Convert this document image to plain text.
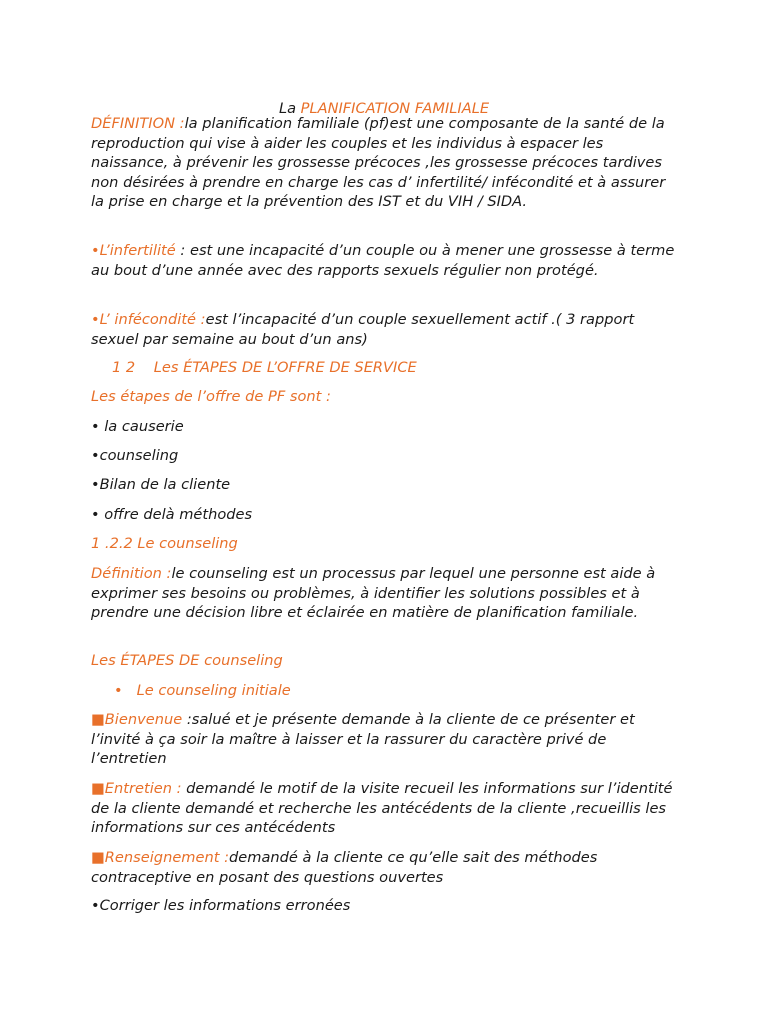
La PLANIFICATION FAMILIALE

DÉFINITION :la planification familiale (pf)est une composante de la santé de la reproduction qui vise à aider les couples et les individus à espacer les naissance, à prévenir les grossesse précoces ,les grossesse précoces tardives non désirées à prendre en charge les cas d’ infertilité/ infécondité et à assurer la prise en charge et la prévention des IST et du VIH / SIDA.

•L’infertilité : est une incapacité d’un couple ou à mener une grossesse à terme au bout d’une année avec des rapports sexuels régulier non protégé.

•L’ infécondité :est l’incapacité d’un couple sexuellement actif .( 3 rapport sexuel par semaine au bout d’un ans)

1 2    Les ÉTAPES DE L’OFFRE DE SERVICE

Les étapes de l’offre de PF sont :

• la causerie

•counseling

•Bilan de la cliente

• offre delà méthodes

1 .2.2 Le counseling

Définition :le counseling est un processus par lequel une personne est aide à exprimer ses besoins ou problèmes, à identifier les solutions possibles et à prendre une décision libre et éclairée en matière de planification familiale.

Les ÉTAPES DE counseling

• Le counseling initiale

■Bienvenue :salué et je présente demande à la cliente de ce présenter et l’invité à ça soir la maître à laisser et la rassurer du caractère privé de l’entretien

■Entretien : demandé le motif de la visite recueil les informations sur l’identité de la cliente demandé et recherche les antécédents de la cliente ,recueillis les informations sur ces antécédents

■Renseignement :demandé à la cliente ce qu’elle sait des méthodes contraceptive en posant des questions ouvertes

•Corriger les informations erronées
